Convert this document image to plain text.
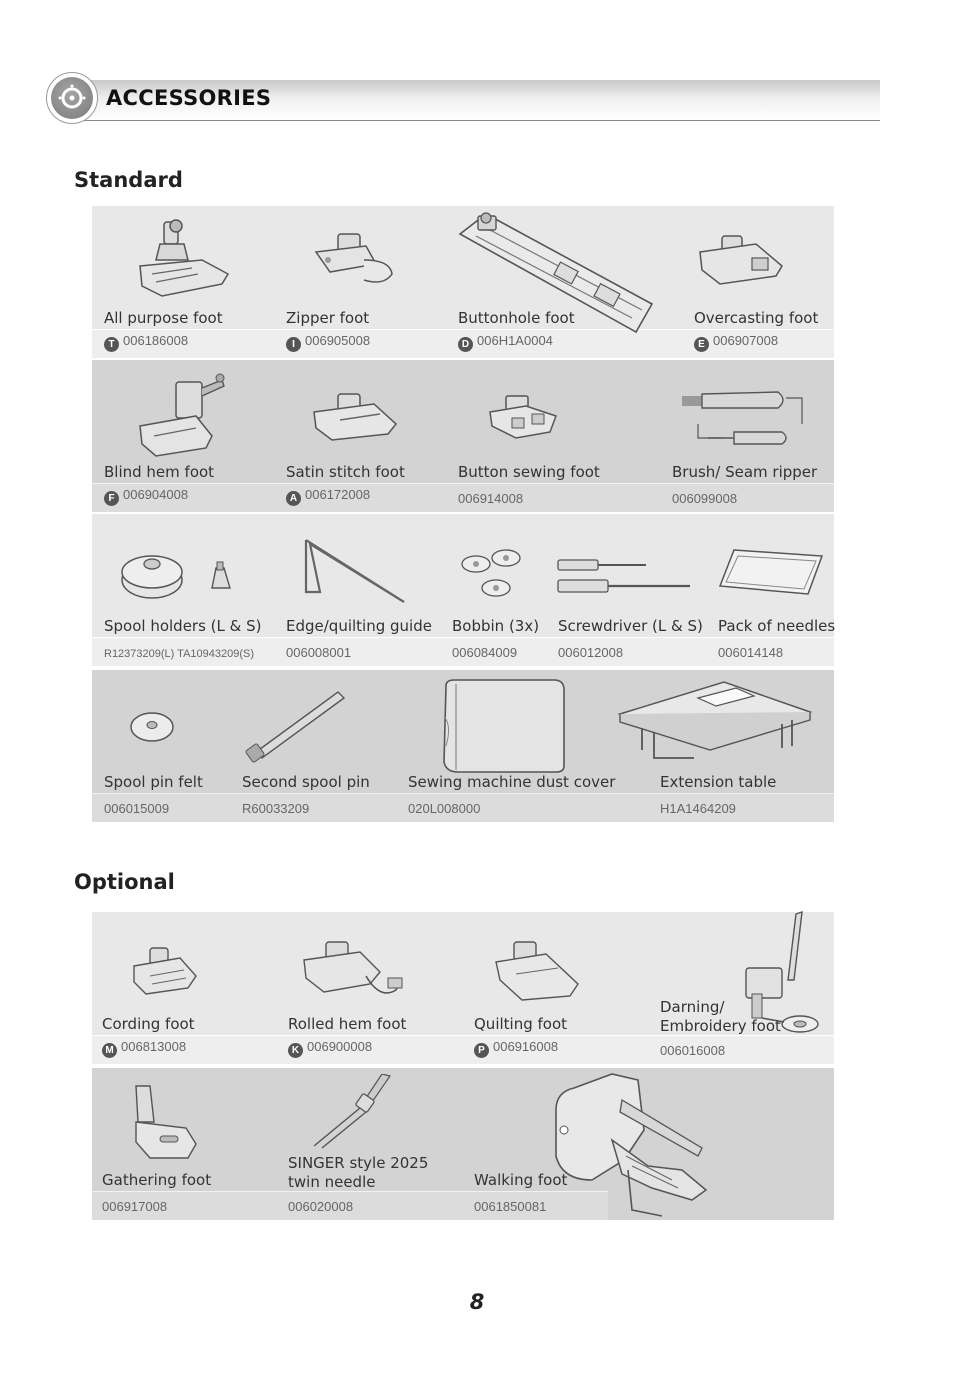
ACCESSORIES
Standard
All purpose foot
T 006186008
Zipper foot
I 006905008
Buttonhole foot
D 006H1A0004
Overcasting foot
E 006907008
Blind hem foot
F 006904008
Satin stitch foot
A 006172008
Button sewing foot
006914008
Brush/ Seam ripper
006099008
Spool holders (L & S)
R12373209(L) TA10943209(S)
Edge/quilting guide
006008001
Bobbin (3x)
006084009
Screwdriver (L & S)
006012008
Pack of needles
006014148
Spool pin felt
006015009
Second spool pin
R60033209
Sewing machine dust cover
020L008000
Extension table
H1A1464209
Optional
Cording foot
M 006813008
Rolled hem foot
K 006900008
Quilting foot
P 006916008
Darning/
Embroidery foot
006016008
Gathering foot
006917008
SINGER style 2025
twin needle
006020008
Walking foot
0061850081
8
